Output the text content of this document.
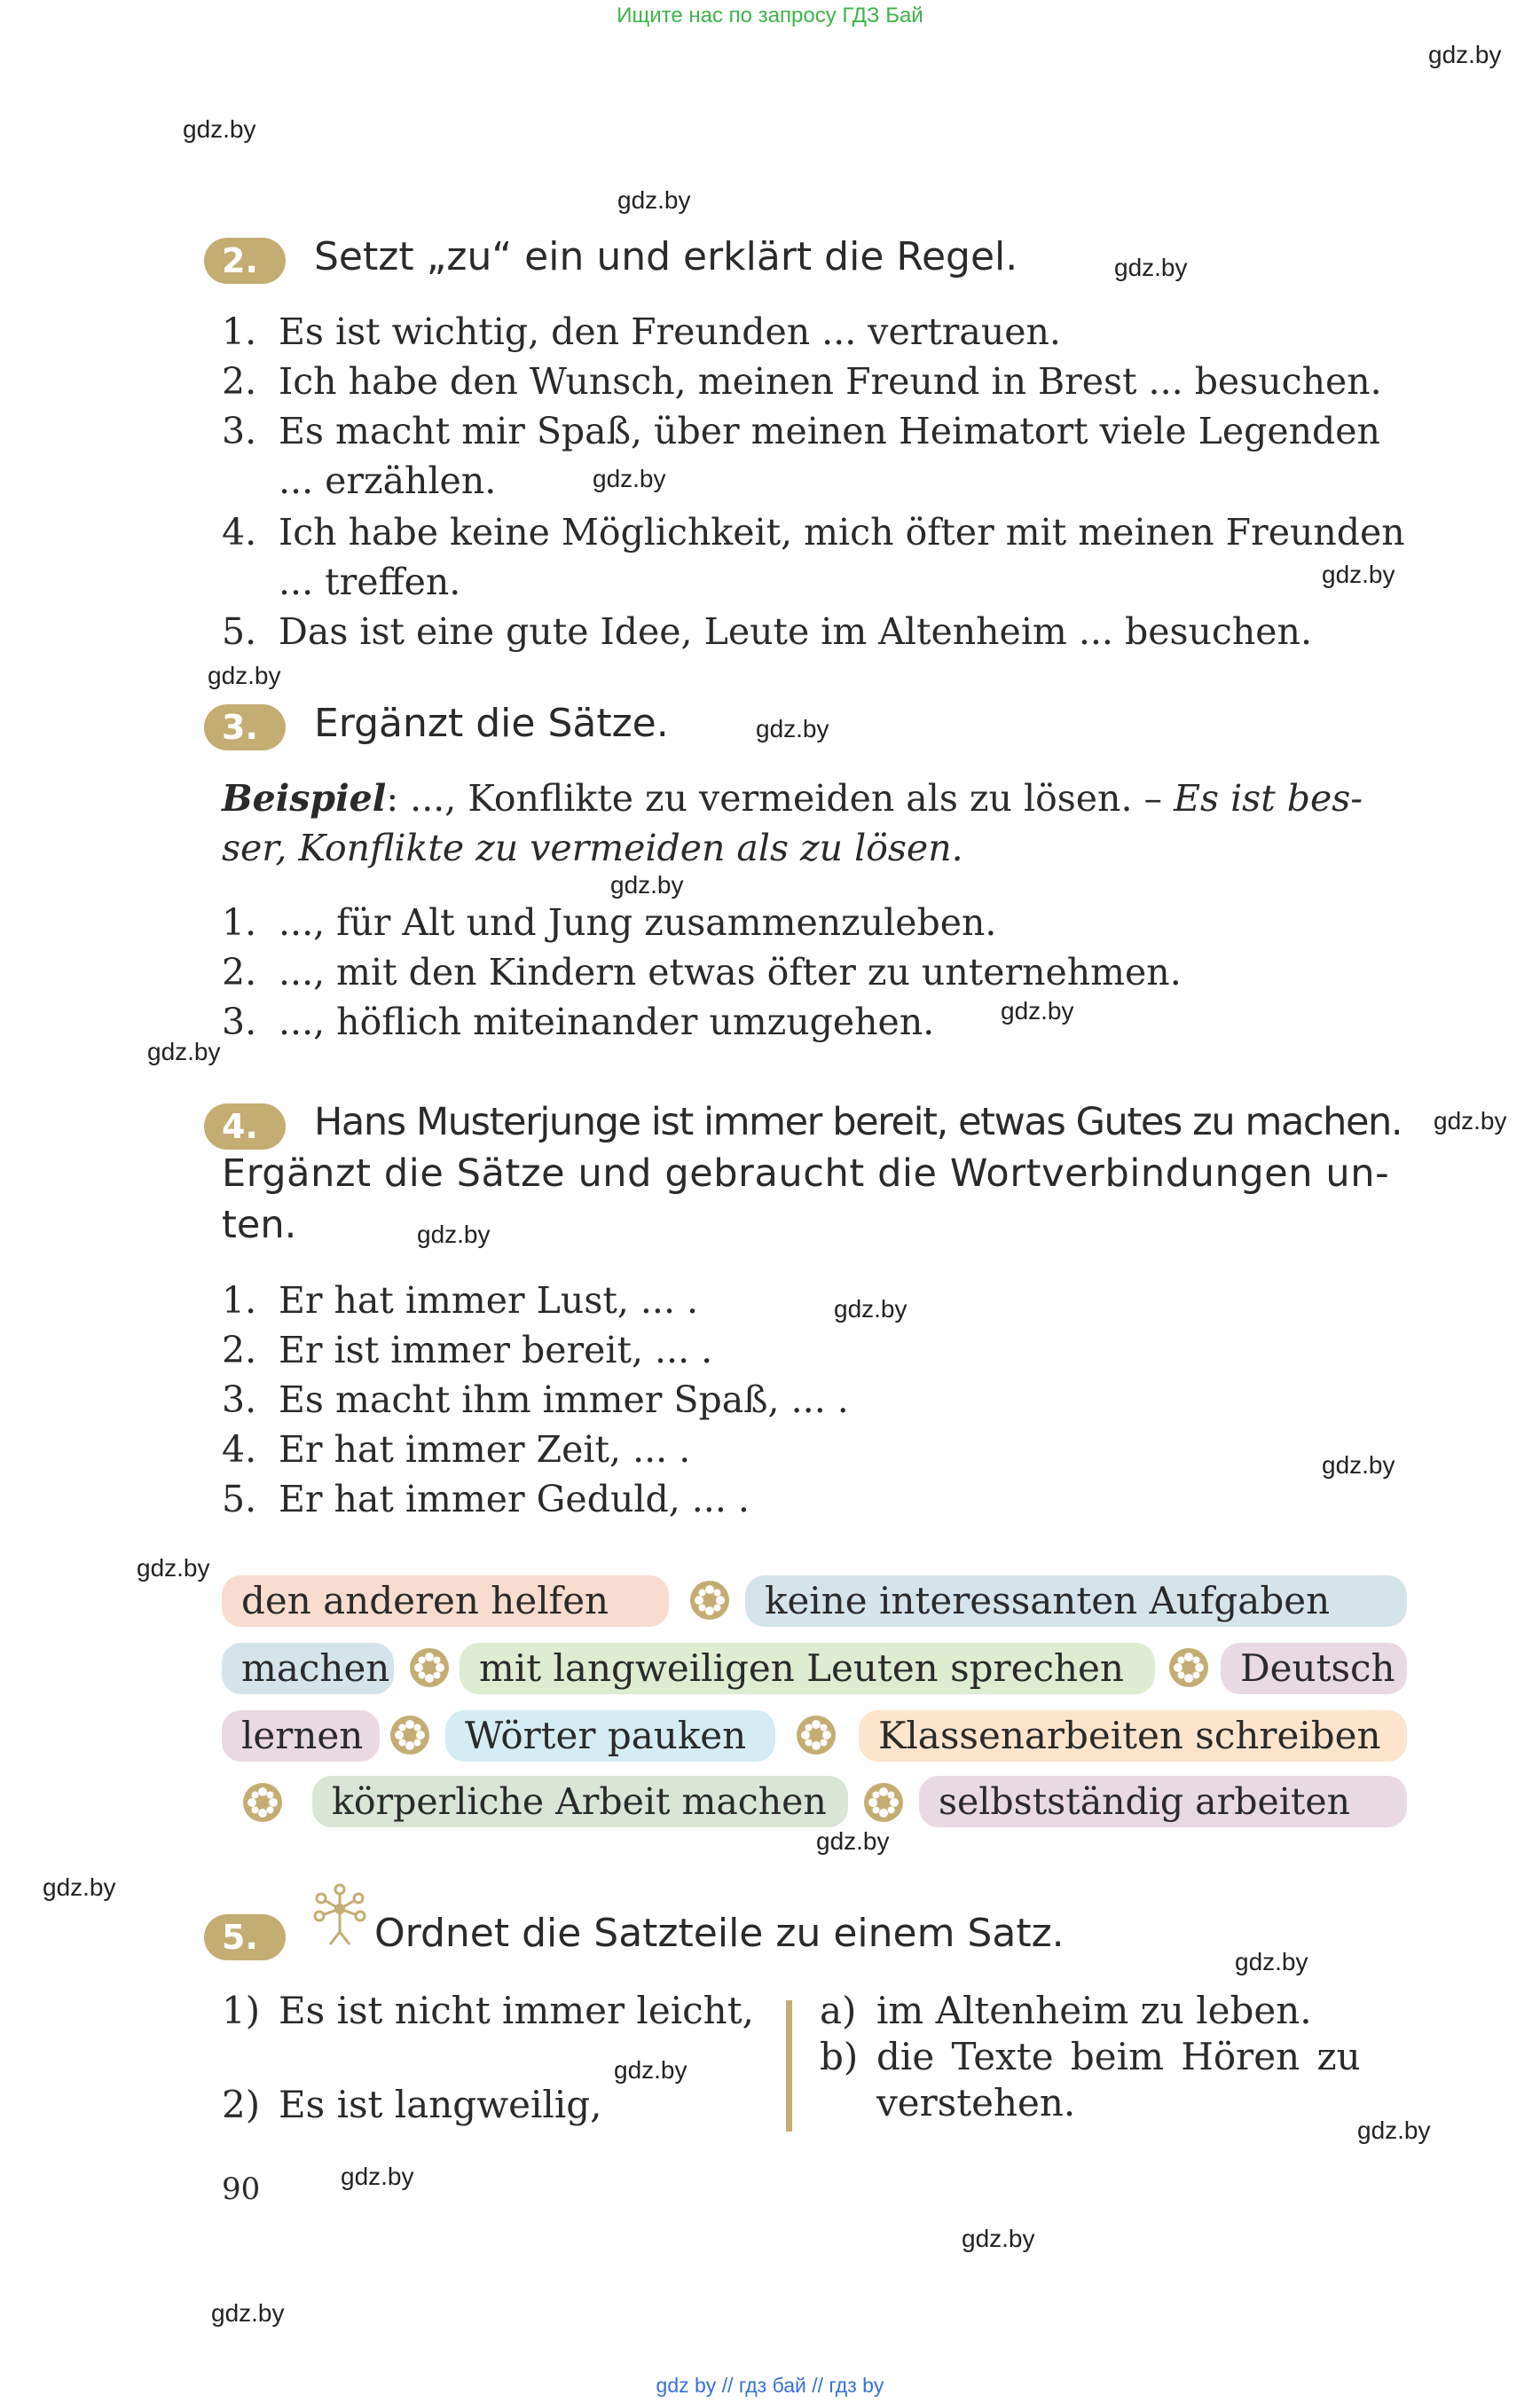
Ищите нас по запросу ГДЗ Бай
gdz.by
gdz.by
gdz.by
gdz.by
gdz.by
gdz.by
gdz.by
gdz.by
gdz.by
gdz.by
gdz.by
gdz.by
gdz.by
gdz.by
gdz.by
gdz.by
gdz.by
gdz.by
gdz.by
gdz.by
gdz.by
gdz.by
gdz.by
gdz.by
2.	Setzt „zu“ ein und erklärt die Regel.
1. Es ist wichtig, den Freunden ... vertrauen.
2. Ich habe den Wunsch, meinen Freund in Brest ... besuchen.
3. Es macht mir Spaß, über meinen Heimatort viele Legenden
... erzählen.
4. Ich habe keine Möglichkeit, mich öfter mit meinen Freunden
... treffen.
5. Das ist eine gute Idee, Leute im Altenheim ... besuchen.
3.	Ergänzt die Sätze.
Beispiel: ..., Konflikte zu vermeiden als zu lösen. – Es ist bes-
ser, Konflikte zu vermeiden als zu lösen.
1. ..., für Alt und Jung zusammenzuleben.
2. ..., mit den Kindern etwas öfter zu unternehmen.
3. ..., höflich miteinander umzugehen.
4.	Hans Musterjunge ist immer bereit, etwas Gutes zu machen.
Ergänzt die Sätze und gebraucht die Wortverbindungen un-
ten.
1. Er hat immer Lust, ... .
2. Er ist immer bereit, ... .
3. Es macht ihm immer Spaß, ... .
4. Er hat immer Zeit, ... .
5. Er hat immer Geduld, ... .
den anderen helfen	keine interessanten Aufgaben
machen	mit langweiligen Leuten sprechen	Deutsch
lernen	Wörter pauken	Klassenarbeiten schreiben
körperliche Arbeit machen	selbstständig arbeiten
5.	Ordnet die Satzteile zu einem Satz.
1) Es ist nicht immer leicht,
2) Es ist langweilig,
a) im Altenheim zu leben.
b) die Texte beim Hören zu
verstehen.
90
gdz by // гдз бай // гдз by
